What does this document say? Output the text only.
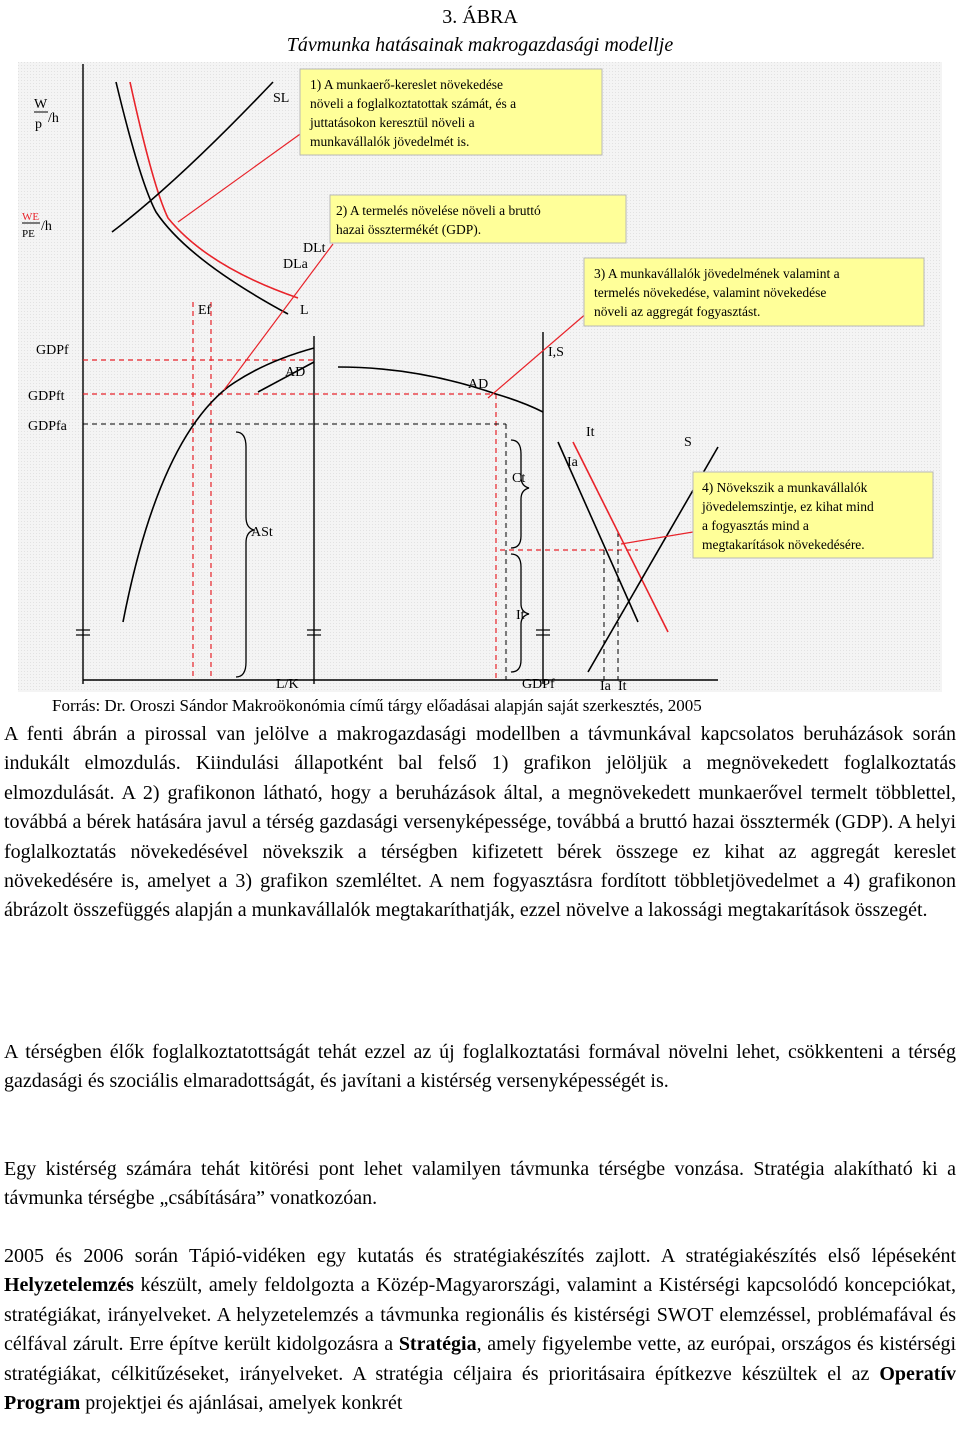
3. ÁBRA
Távmunka hatásainak makrogazdasági modellje
W
p /h
WE
PE /h
SL
DLt
DLa
Ef	L
GDPf
GDPft
GDPfa
AD
AD
Ct
ASt
I,S
It
Ia
S
It
L/K	GDPf	Ia It
1) A munkaerő-kereslet növekedése
növeli a foglalkoztatottak számát, és a
juttatásokon keresztül növeli a
munkavállalók jövedelmét is.
2) A termelés növelése növeli a bruttó
hazai össztermékét (GDP).
3) A munkavállalók jövedelmének valamint a
termelés növekedése, valamint növekedése
növeli az aggregát fogyasztást.
4) Növekszik a munkavállalók
jövedelemszintje, ez kihat mind
a fogyasztás mind a
megtakarítások növekedésére.
Forrás: Dr. Oroszi Sándor Makroökonómia című tárgy előadásai alapján saját szerkesztés, 2005

A fenti ábrán a pirossal van jelölve a makrogazdasági modellben a távmunkával kapcsolatos beruházások során indukált elmozdulás. Kiindulási állapotként bal felső 1) grafikon jelöljük a megnövekedett foglalkoztatás elmozdulását. A 2) grafikonon látható, hogy a beruházások által, a megnövekedett munkaerővel termelt többlettel, továbbá a bérek hatására javul a térség gazdasági versenyképessége, továbbá a bruttó hazai össztermék (GDP). A helyi foglalkoztatás növekedésével növekszik a térségben kifizetett bérek összege ez kihat az aggregát kereslet növekedésére is, amelyet a 3) grafikon szemléltet. A nem fogyasztásra fordított többletjövedelmet a 4) grafikonon ábrázolt összefüggés alapján a munkavállalók megtakaríthatják, ezzel növelve a lakossági megtakarítások összegét.

A térségben élők foglalkoztatottságát tehát ezzel az új foglalkoztatási formával növelni lehet, csökkenteni a térség gazdasági és szociális elmaradottságát, és javítani a kistérség versenyképességét is.

Egy kistérség számára tehát kitörési pont lehet valamilyen távmunka térségbe vonzása. Stratégia alakítható ki a távmunka térségbe „csábítására” vonatkozóan.

2005 és 2006 során Tápió-vidéken egy kutatás és stratégiakészítés zajlott. A stratégiakészítés első lépéseként Helyzetelemzés készült, amely feldolgozta a Közép-Magyarországi, valamint a Kistérségi kapcsolódó koncepciókat, stratégiákat, irányelveket. A helyzetelemzés a távmunka regionális és kistérségi SWOT elemzéssel, problémafával és célfával zárult. Erre építve került kidolgozásra a Stratégia, amely figyelembe vette, az európai, országos és kistérségi stratégiákat, célkitűzéseket, irányelveket. A stratégia céljaira és prioritásaira építkezve készültek el az Operatív Program projektjei és ajánlásai, amelyek konkrét
